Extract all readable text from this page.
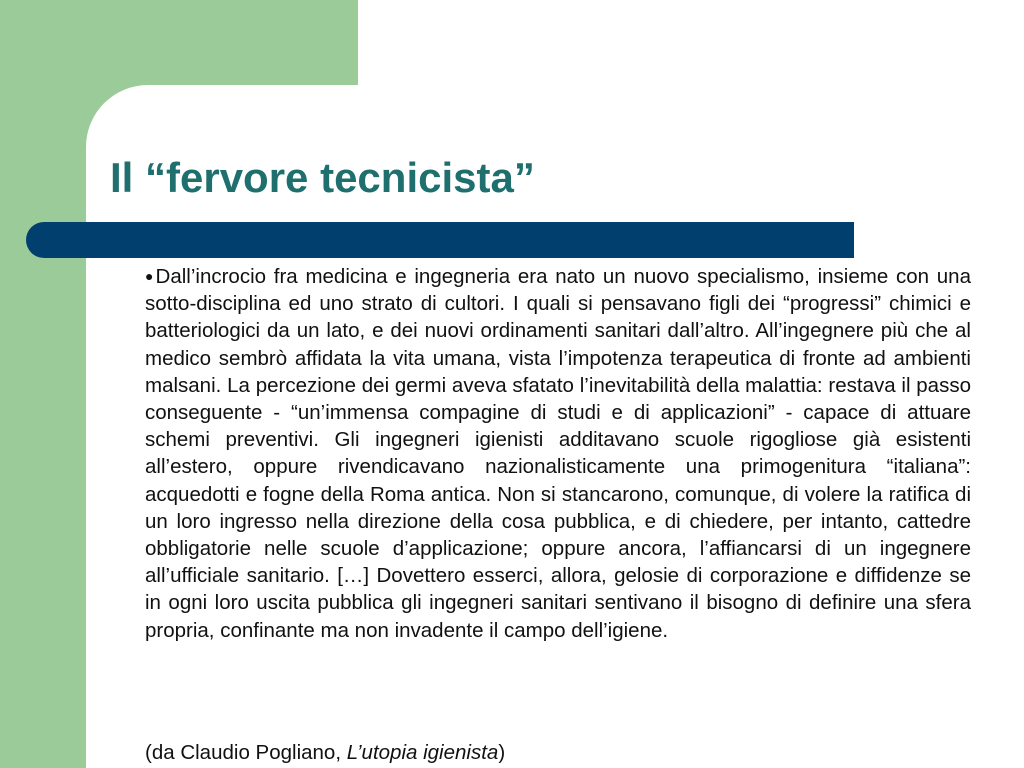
Il “fervore tecnicista”

●Dall’incrocio fra medicina e ingegneria era nato un nuovo specialismo, insieme con una sotto-disciplina ed uno strato di cultori. I quali si pensavano figli dei “progressi” chimici e batteriologici da un lato, e dei nuovi ordinamenti sanitari dall’altro. All’ingegnere più che al medico sembrò affidata la vita umana, vista l’impotenza terapeutica di fronte ad ambienti malsani. La percezione dei germi aveva sfatato l’inevitabilità della malattia: restava il passo conseguente - “un’immensa compagine di studi e di applicazioni” - capace di attuare schemi preventivi. Gli ingegneri igienisti additavano scuole rigogliose già esistenti all’estero, oppure rivendicavano nazionalisticamente una primogenitura “italiana”: acquedotti e fogne della Roma antica. Non si stancarono, comunque, di volere la ratifica di un loro ingresso nella direzione della cosa pubblica, e di chiedere, per intanto, cattedre obbligatorie nelle scuole d’applicazione; oppure ancora, l’affiancarsi di un ingegnere all’ufficiale sanitario. […] Dovettero esserci, allora, gelosie di corporazione e diffidenze se in ogni loro uscita pubblica gli ingegneri sanitari sentivano il bisogno di definire una sfera propria, confinante ma non invadente il campo dell’igiene.

(da Claudio Pogliano, L’utopia igienista)
